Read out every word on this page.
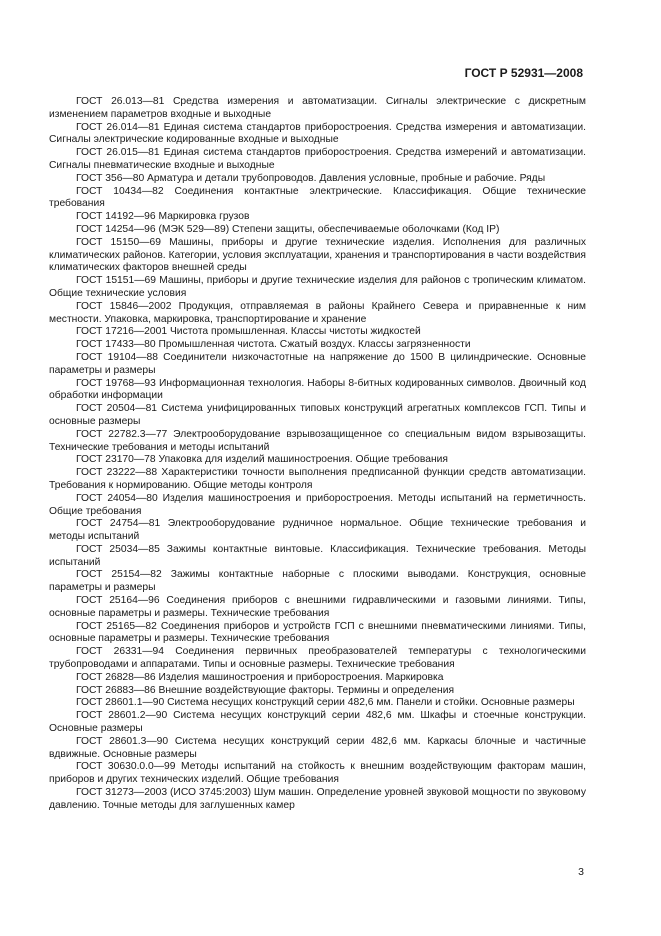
ГОСТ Р 52931—2008

ГОСТ 26.013—81 Средства измерения и автоматизации. Сигналы электрические с дискретным изменением параметров входные и выходные

ГОСТ 26.014—81 Единая система стандартов приборостроения. Средства измерения и автоматизации. Сигналы электрические кодированные входные и выходные

ГОСТ 26.015—81 Единая система стандартов приборостроения. Средства измерений и автоматизации. Сигналы пневматические входные и выходные

ГОСТ 356—80 Арматура и детали трубопроводов. Давления условные, пробные и рабочие. Ряды

ГОСТ 10434—82 Соединения контактные электрические. Классификация. Общие технические требования

ГОСТ 14192—96 Маркировка грузов

ГОСТ 14254—96 (МЭК 529—89) Степени защиты, обеспечиваемые оболочками (Код IP)

ГОСТ 15150—69 Машины, приборы и другие технические изделия. Исполнения для различных климатических районов. Категории, условия эксплуатации, хранения и транспортирования в части воздействия климатических факторов внешней среды

ГОСТ 15151—69 Машины, приборы и другие технические изделия для районов с тропическим климатом. Общие технические условия

ГОСТ 15846—2002 Продукция, отправляемая в районы Крайнего Севера и приравненные к ним местности. Упаковка, маркировка, транспортирование и хранение

ГОСТ 17216—2001 Чистота промышленная. Классы чистоты жидкостей

ГОСТ 17433—80 Промышленная чистота. Сжатый воздух. Классы загрязненности

ГОСТ 19104—88 Соединители низкочастотные на напряжение до 1500 В цилиндрические. Основные параметры и размеры

ГОСТ 19768—93 Информационная технология. Наборы 8-битных кодированных символов. Двоичный код обработки информации

ГОСТ 20504—81 Система унифицированных типовых конструкций агрегатных комплексов ГСП. Типы и основные размеры

ГОСТ 22782.3—77 Электрооборудование взрывозащищенное со специальным видом взрывозащиты. Технические требования и методы испытаний

ГОСТ 23170—78 Упаковка для изделий машиностроения. Общие требования

ГОСТ 23222—88 Характеристики точности выполнения предписанной функции средств автоматизации. Требования к нормированию. Общие методы контроля

ГОСТ 24054—80 Изделия машиностроения и приборостроения. Методы испытаний на герметичность. Общие требования

ГОСТ 24754—81 Электрооборудование рудничное нормальное. Общие технические требования и методы испытаний

ГОСТ 25034—85 Зажимы контактные винтовые. Классификация. Технические требования. Методы испытаний

ГОСТ 25154—82 Зажимы контактные наборные с плоскими выводами. Конструкция, основные параметры и размеры

ГОСТ 25164—96 Соединения приборов с внешними гидравлическими и газовыми линиями. Типы, основные параметры и размеры. Технические требования

ГОСТ 25165—82 Соединения приборов и устройств ГСП с внешними пневматическими линиями. Типы, основные параметры и размеры. Технические требования

ГОСТ 26331—94 Соединения первичных преобразователей температуры с технологическими трубопроводами и аппаратами. Типы и основные размеры. Технические требования

ГОСТ 26828—86 Изделия машиностроения и приборостроения. Маркировка

ГОСТ 26883—86 Внешние воздействующие факторы. Термины и определения

ГОСТ 28601.1—90 Система несущих конструкций серии 482,6 мм. Панели и стойки. Основные размеры

ГОСТ 28601.2—90 Система несущих конструкций серии 482,6 мм. Шкафы и стоечные конструкции. Основные размеры

ГОСТ 28601.3—90 Система несущих конструкций серии 482,6 мм. Каркасы блочные и частичные вдвижные. Основные размеры

ГОСТ 30630.0.0—99 Методы испытаний на стойкость к внешним воздействующим факторам машин, приборов и других технических изделий. Общие требования

ГОСТ 31273—2003 (ИСО 3745:2003) Шум машин. Определение уровней звуковой мощности по звуковому давлению. Точные методы для заглушенных камер

3
